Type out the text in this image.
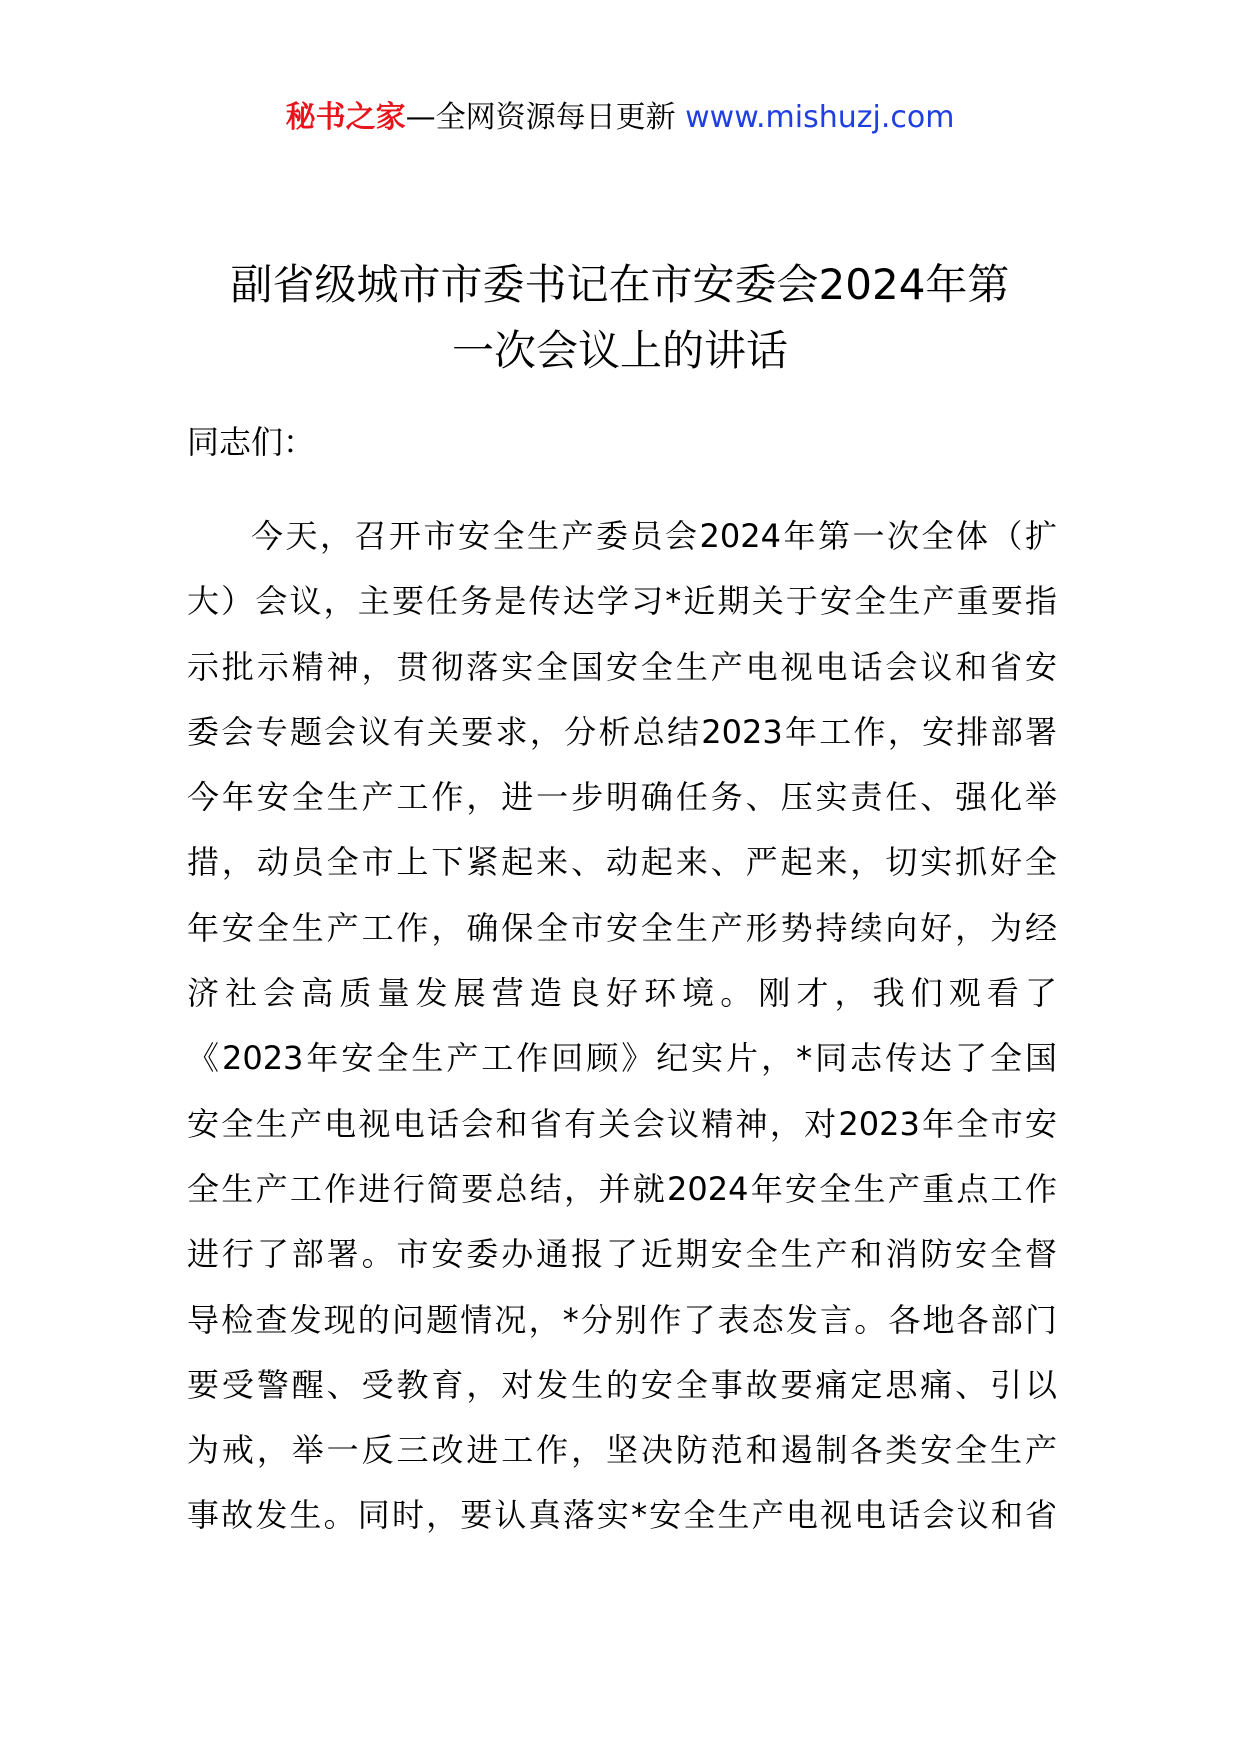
秘书之家—全网资源每日更新 www.mishuzj.com
副省级城市市委书记在市安委会2024年第
一次会议上的讲话
同志们：
今天，召开市安全生产委员会2024年第一次全体（扩
大）会议，主要任务是传达学习*近期关于安全生产重要指
示批示精神，贯彻落实全国安全生产电视电话会议和省安
委会专题会议有关要求，分析总结2023年工作，安排部署
今年安全生产工作，进一步明确任务、压实责任、强化举
措，动员全市上下紧起来、动起来、严起来，切实抓好全
年安全生产工作，确保全市安全生产形势持续向好，为经
济社会高质量发展营造良好环境。刚才，我们观看了
《2023年安全生产工作回顾》纪实片，*同志传达了全国
安全生产电视电话会和省有关会议精神，对2023年全市安
全生产工作进行简要总结，并就2024年安全生产重点工作
进行了部署。市安委办通报了近期安全生产和消防安全督
导检查发现的问题情况，*分别作了表态发言。各地各部门
要受警醒、受教育，对发生的安全事故要痛定思痛、引以
为戒，举一反三改进工作，坚决防范和遏制各类安全生产
事故发生。同时，要认真落实*安全生产电视电话会议和省
